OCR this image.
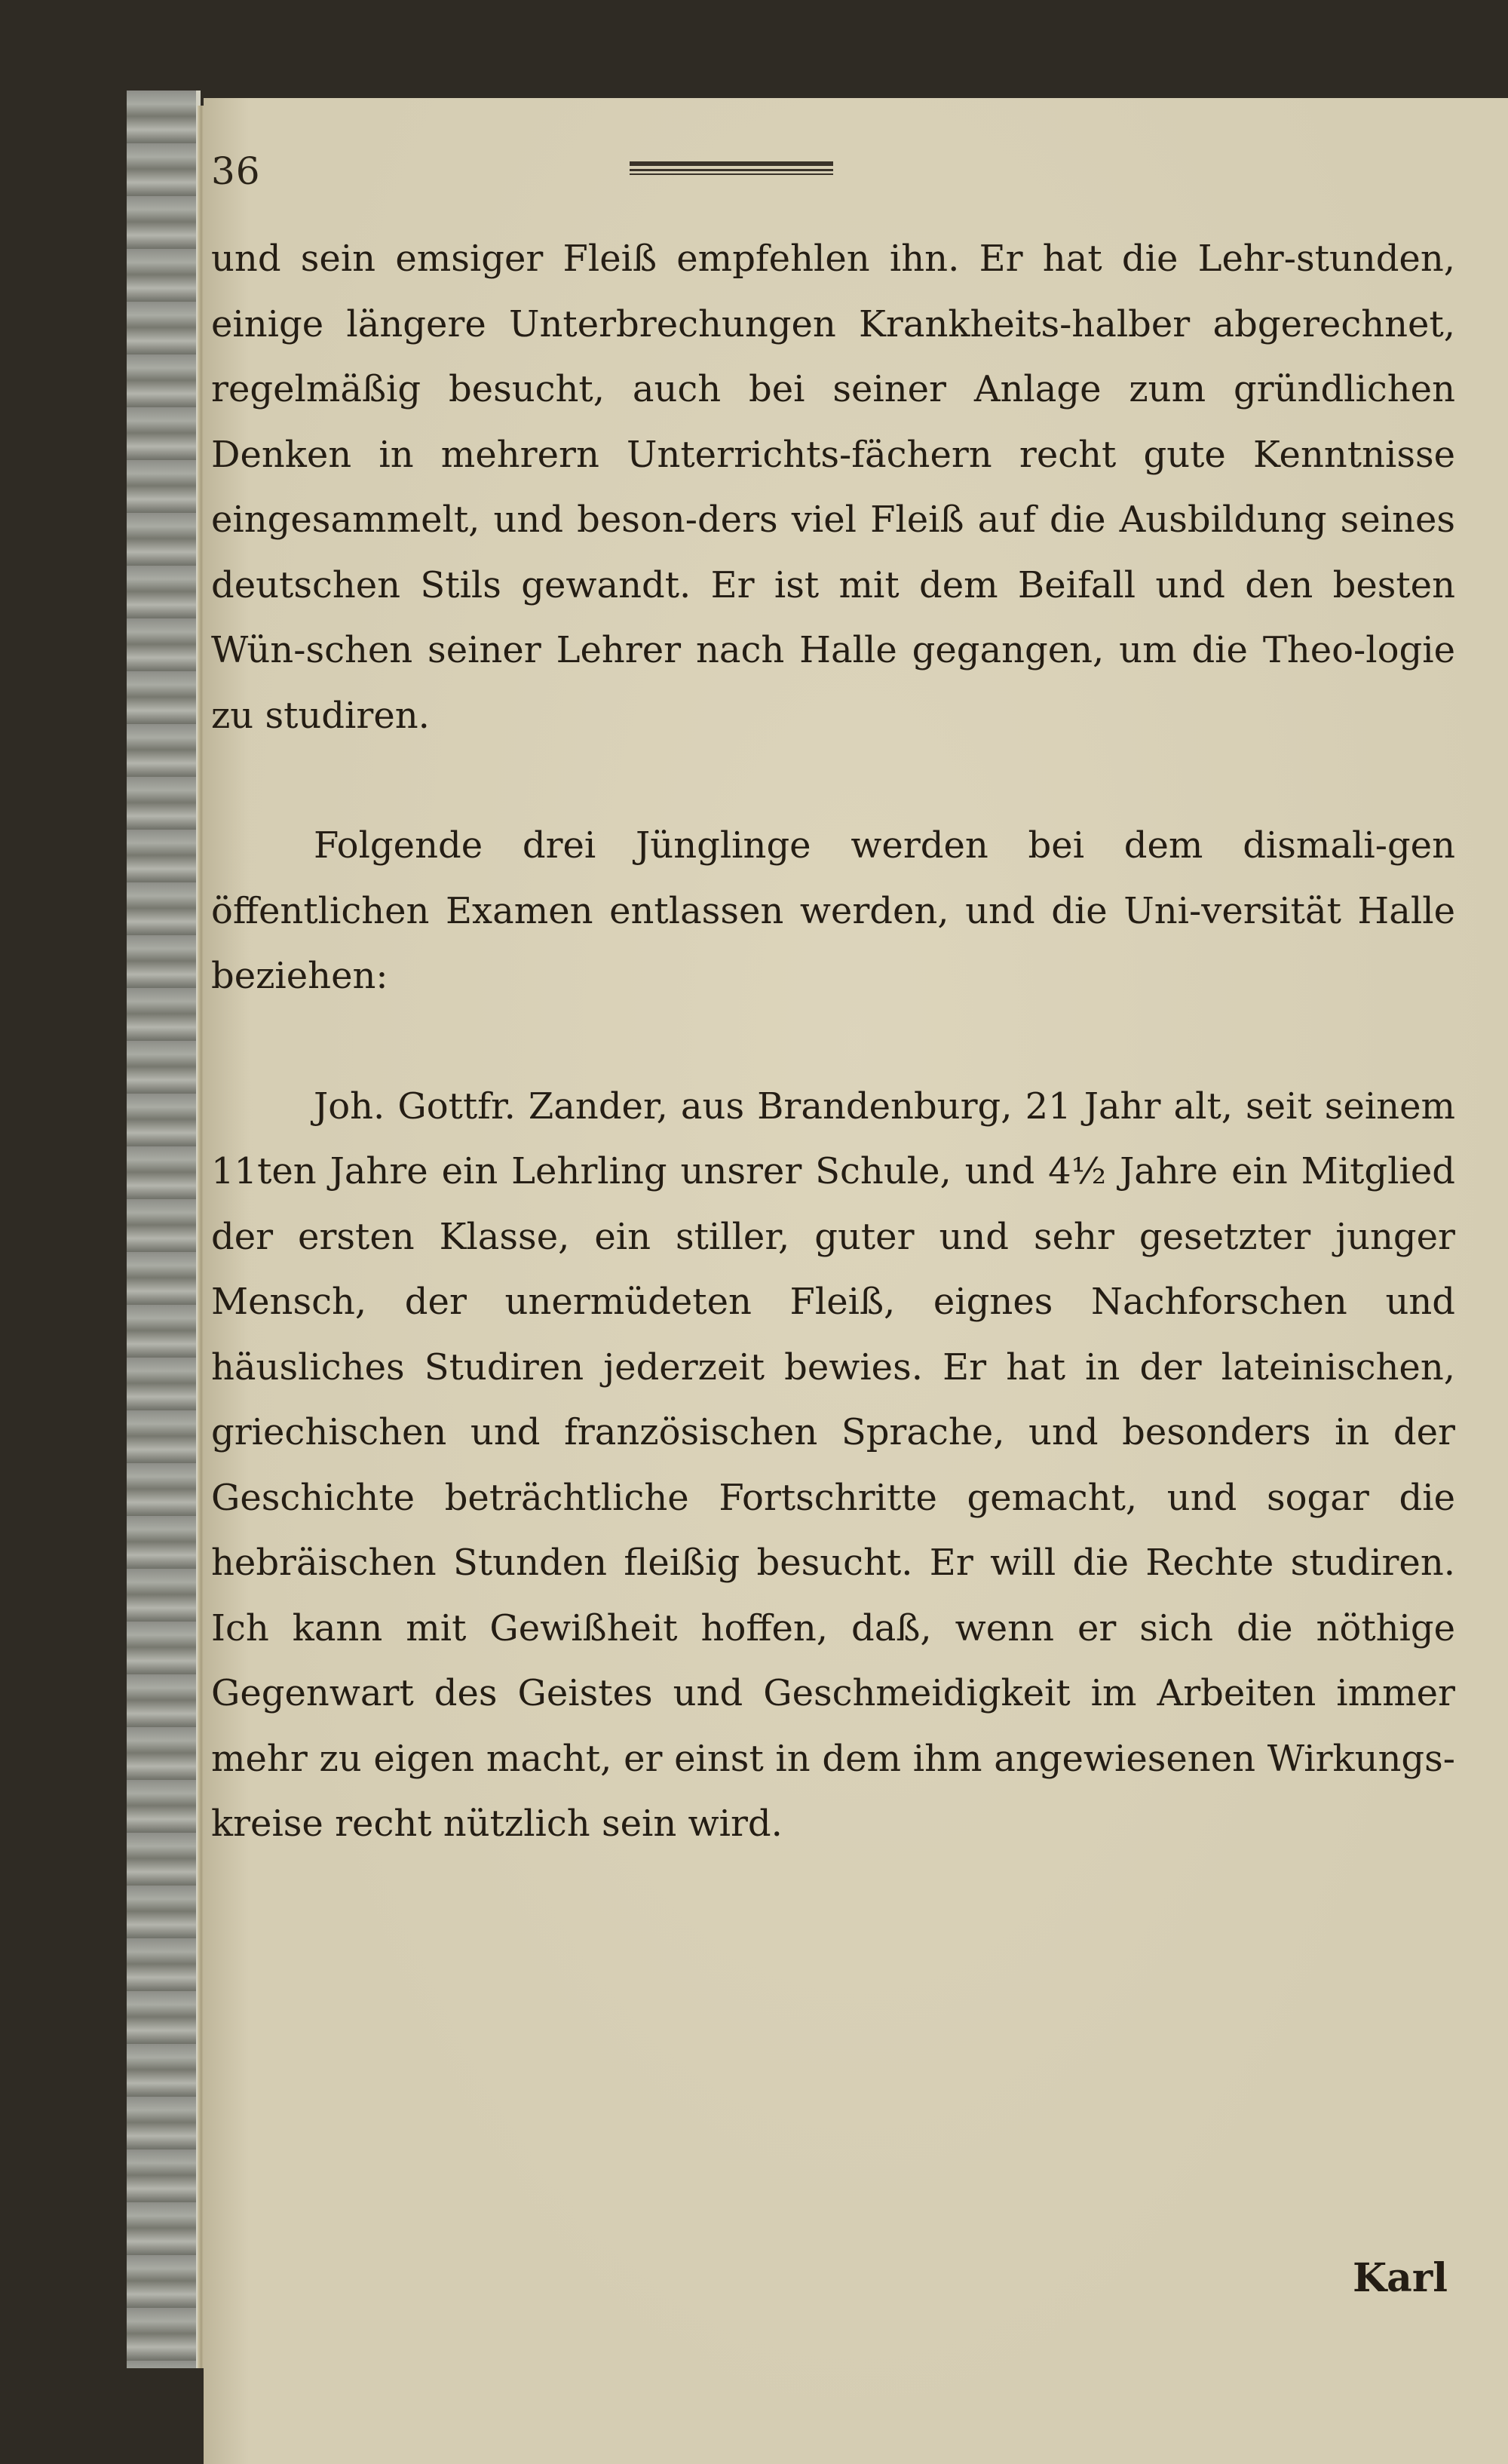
36

und sein emsiger Fleiß empfehlen ihn. Er hat die Lehr-stunden, einige längere Unterbrechungen Krankheits-halber abgerechnet, regelmäßig besucht, auch bei seiner Anlage zum gründlichen Denken in mehrern Unterrichts-fächern recht gute Kenntnisse eingesammelt, und beson-ders viel Fleiß auf die Ausbildung seines deutschen Stils gewandt. Er ist mit dem Beifall und den besten Wün-schen seiner Lehrer nach Halle gegangen, um die Theo-logie zu studiren.

Folgende drei Jünglinge werden bei dem dismali-gen öffentlichen Examen entlassen werden, und die Uni-versität Halle beziehen:

Joh. Gottfr. Zander, aus Brandenburg, 21 Jahr alt, seit seinem 11ten Jahre ein Lehrling unsrer Schule, und 4½ Jahre ein Mitglied der ersten Klasse, ein stiller, guter und sehr gesetzter junger Mensch, der unermüdeten Fleiß, eignes Nachforschen und häusliches Studiren jederzeit bewies. Er hat in der lateinischen, griechischen und französischen Sprache, und besonders in der Geschichte beträchtliche Fortschritte gemacht, und sogar die hebräischen Stunden fleißig besucht. Er will die Rechte studiren. Ich kann mit Gewißheit hoffen, daß, wenn er sich die nöthige Gegenwart des Geistes und Geschmeidigkeit im Arbeiten immer mehr zu eigen macht, er einst in dem ihm angewiesenen Wirkungs-kreise recht nützlich sein wird.

Karl
